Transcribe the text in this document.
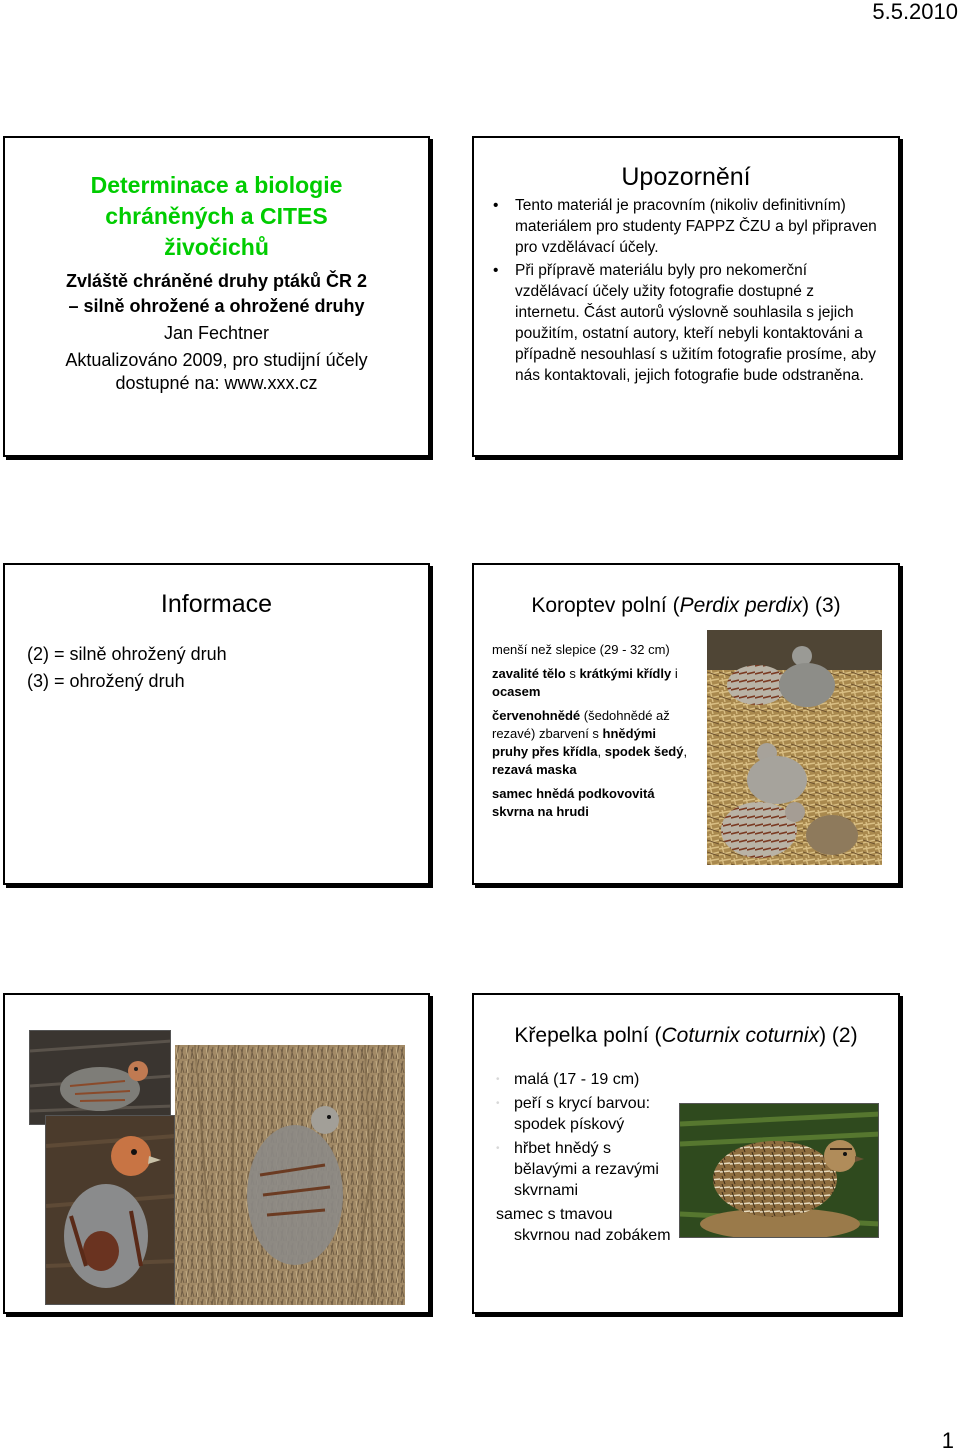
5.5.2010
Determinace a biologie
chráněných a CITES
živočichů
Zvláště chráněné druhy ptáků ČR 2
– silně ohrožené a ohrožené druhy
Jan Fechtner
Aktualizováno 2009, pro studijní účely
dostupné na: www.xxx.cz
Upozornění
• Tento materiál je pracovním (nikoliv definitivním) materiálem pro studenty FAPPZ ČZU a byl připraven pro vzdělávací účely.
• Při přípravě materiálu byly pro nekomerční vzdělávací účely užity fotografie dostupné z internetu. Část autorů výslovně souhlasila s jejich použitím, ostatní autory, kteří nebyli kontaktováni a případně nesouhlasí s užitím fotografie prosíme, aby nás kontaktovali, jejich fotografie bude odstraněna.
Informace
(2) = silně ohrožený druh
(3) = ohrožený druh
Koroptev polní (Perdix perdix) (3)

menší než slepice (29 - 32 cm)

zavalité tělo s krátkými křídly i ocasem

červenohnědé (šedohnědé až rezavé) zbarvení s hnědými pruhy přes křídla, spodek šedý, rezavá maska

samec hnědá podkovovitá skvrna na hrudi

Křepelka polní (Coturnix coturnix) (2)
• malá (17 - 19 cm)
• peří s krycí barvou: spodek pískový
• hřbet hnědý s bělavými a rezavými skvrnami
samec s tmavou
skvrnou nad zobákem
1
